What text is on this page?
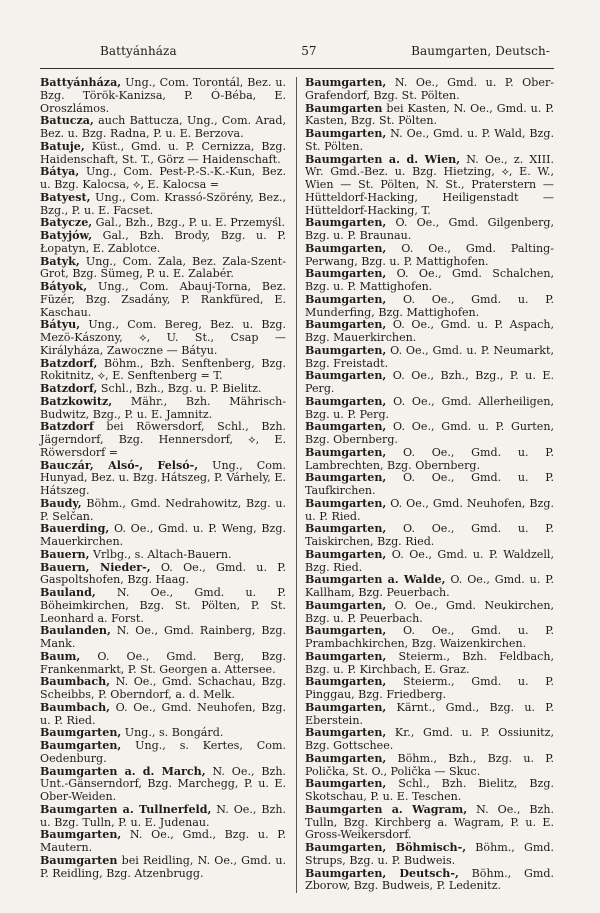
Battyánháza	57	Baumgarten, Deutsch-

Battyánháza, Ung., Com. Torontál, Bez. u. Bzg. Török-Kanizsa, P. Ó-Béba, E. Oroszlámos.

Batucza, auch Battucza, Ung., Com. Arad, Bez. u. Bzg. Radna, P. u. E. Berzova.

Batuje, Küst., Gmd. u. P. Cernizza, Bzg. Haidenschaft, St. T., Görz — Haidenschaft.

Bátya, Ung., Com. Pest-P.-S.-K.-Kun, Bez. u. Bzg. Kalocsa, ⟡, E. Kalocsa =

Batyest, Ung., Com. Krassó-Szörény, Bez., Bzg., P. u. E. Facset.

Batycze, Gal., Bzh., Bzg., P. u. E. Przemyśl.

Batyjów, Gal., Bzh. Brody, Bzg. u. P. Łopatyn, E. Zablotce.

Batyk, Ung., Com. Zala, Bez. Zala-Szent-Grot, Bzg. Sümeg, P. u. E. Zalabér.

Bátyok, Ung., Com. Abauj-Torna, Bez. Füzér, Bzg. Zsadány, P. Rankfüred, E. Kaschau.

Bátyu, Ung., Com. Bereg, Bez. u. Bzg. Mezö-Kászony, ⟡, U. St., Csap — Királyháza, Zawoczne — Bátyu.

Batzdorf, Böhm., Bzh. Senftenberg, Bzg. Rokitnitz, ⟡, E. Senftenberg = T.

Batzdorf, Schl., Bzh., Bzg. u. P. Bielitz.

Batzkowitz, Mähr., Bzh. Mährisch-Budwitz, Bzg., P. u. E. Jamnitz.

Batzdorf bei Röwersdorf, Schl., Bzh. Jägerndorf, Bzg. Hennersdorf, ⟡, E. Röwersdorf =

Bauczár, Alsó-, Felsó-, Ung., Com. Hunyad, Bez. u. Bzg. Hátszeg, P. Várhely, E. Hátszeg.

Baudy, Böhm., Gmd. Nedrahowitz, Bzg. u. P. Selčan.

Bauerding, O. Oe., Gmd. u. P. Weng, Bzg. Mauerkirchen.

Bauern, Vrlbg., s. Altach-Bauern.

Bauern, Nieder-, O. Oe., Gmd. u. P. Gaspoltshofen, Bzg. Haag.

Bauland, N. Oe., Gmd. u. P. Böheimkirchen, Bzg. St. Pölten, P. St. Leonhard a. Forst.

Baulanden, N. Oe., Gmd. Rainberg, Bzg. Mank.

Baum, O. Oe., Gmd. Berg, Bzg. Frankenmarkt, P. St. Georgen a. Attersee.

Baumbach, N. Oe., Gmd. Schachau, Bzg. Scheibbs, P. Oberndorf, a. d. Melk.

Baumbach, O. Oe., Gmd. Neuhofen, Bzg. u. P. Ried.

Baumgarten, Ung., s. Bongárd.

Baumgarten, Ung., s. Kertes, Com. Oedenburg.

Baumgarten a. d. March, N. Oe., Bzh. Unt.-Gänserndorf, Bzg. Marchegg, P. u. E. Ober-Weiden.

Baumgarten a. Tullnerfeld, N. Oe., Bzh. u. Bzg. Tulln, P. u. E. Judenau.

Baumgarten, N. Oe., Gmd., Bzg. u. P. Mautern.

Baumgarten bei Reidling, N. Oe., Gmd. u. P. Reidling, Bzg. Atzenbrugg.

Baumgarten, N. Oe., Gmd. u. P. Ober-Grafendorf, Bzg. St. Pölten.

Baumgarten bei Kasten, N. Oe., Gmd. u. P. Kasten, Bzg. St. Pölten.

Baumgarten, N. Oe., Gmd. u. P. Wald, Bzg. St. Pölten.

Baumgarten a. d. Wien, N. Oe., z. XIII. Wr. Gmd.-Bez. u. Bzg. Hietzing, ⟡, E. W., Wien — St. Pölten, N. St., Praterstern — Hütteldorf-Hacking, Heiligenstadt — Hütteldorf-Hacking, T.

Baumgarten, O. Oe., Gmd. Gilgenberg, Bzg. u. P. Braunau.

Baumgarten, O. Oe., Gmd. Palting-Perwang, Bzg. u. P. Mattighofen.

Baumgarten, O. Oe., Gmd. Schalchen, Bzg. u. P. Mattighofen.

Baumgarten, O. Oe., Gmd. u. P. Munderfing, Bzg. Mattighofen.

Baumgarten, O. Oe., Gmd. u. P. Aspach, Bzg. Mauerkirchen.

Baumgarten, O. Oe., Gmd. u. P. Neumarkt, Bzg. Freistadt.

Baumgarten, O. Oe., Bzh., Bzg., P. u. E. Perg.

Baumgarten, O. Oe., Gmd. Allerheiligen, Bzg. u. P. Perg.

Baumgarten, O. Oe., Gmd. u. P. Gurten, Bzg. Obernberg.

Baumgarten, O. Oe., Gmd. u. P. Lambrechten, Bzg. Obernberg.

Baumgarten, O. Oe., Gmd. u. P. Taufkirchen.

Baumgarten, O. Oe., Gmd. Neuhofen, Bzg. u. P. Ried.

Baumgarten, O. Oe., Gmd. u. P. Taiskirchen, Bzg. Ried.

Baumgarten, O. Oe., Gmd. u. P. Waldzell, Bzg. Ried.

Baumgarten a. Walde, O. Oe., Gmd. u. P. Kallham, Bzg. Peuerbach.

Baumgarten, O. Oe., Gmd. Neukirchen, Bzg. u. P. Peuerbach.

Baumgarten, O. Oe., Gmd. u. P. Prambachkirchen, Bzg. Waizenkirchen.

Baumgarten, Steierm., Bzh. Feldbach, Bzg. u. P. Kirchbach, E. Graz.

Baumgarten, Steierm., Gmd. u. P. Pinggau, Bzg. Friedberg.

Baumgarten, Kärnt., Gmd., Bzg. u. P. Eberstein.

Baumgarten, Kr., Gmd. u. P. Ossiunitz, Bzg. Gottschee.

Baumgarten, Böhm., Bzh., Bzg. u. P. Polička, St. O., Polička — Skuc.

Baumgarten, Schl., Bzh. Bielitz, Bzg. Skotschau, P. u. E. Teschen.

Baumgarten a. Wagram, N. Oe., Bzh. Tulln, Bzg. Kirchberg a. Wagram, P. u. E. Gross-Weikersdorf.

Baumgarten, Böhmisch-, Böhm., Gmd. Strups, Bzg. u. P. Budweis.

Baumgarten, Deutsch-, Böhm., Gmd. Zborow, Bzg. Budweis, P. Ledenitz.
